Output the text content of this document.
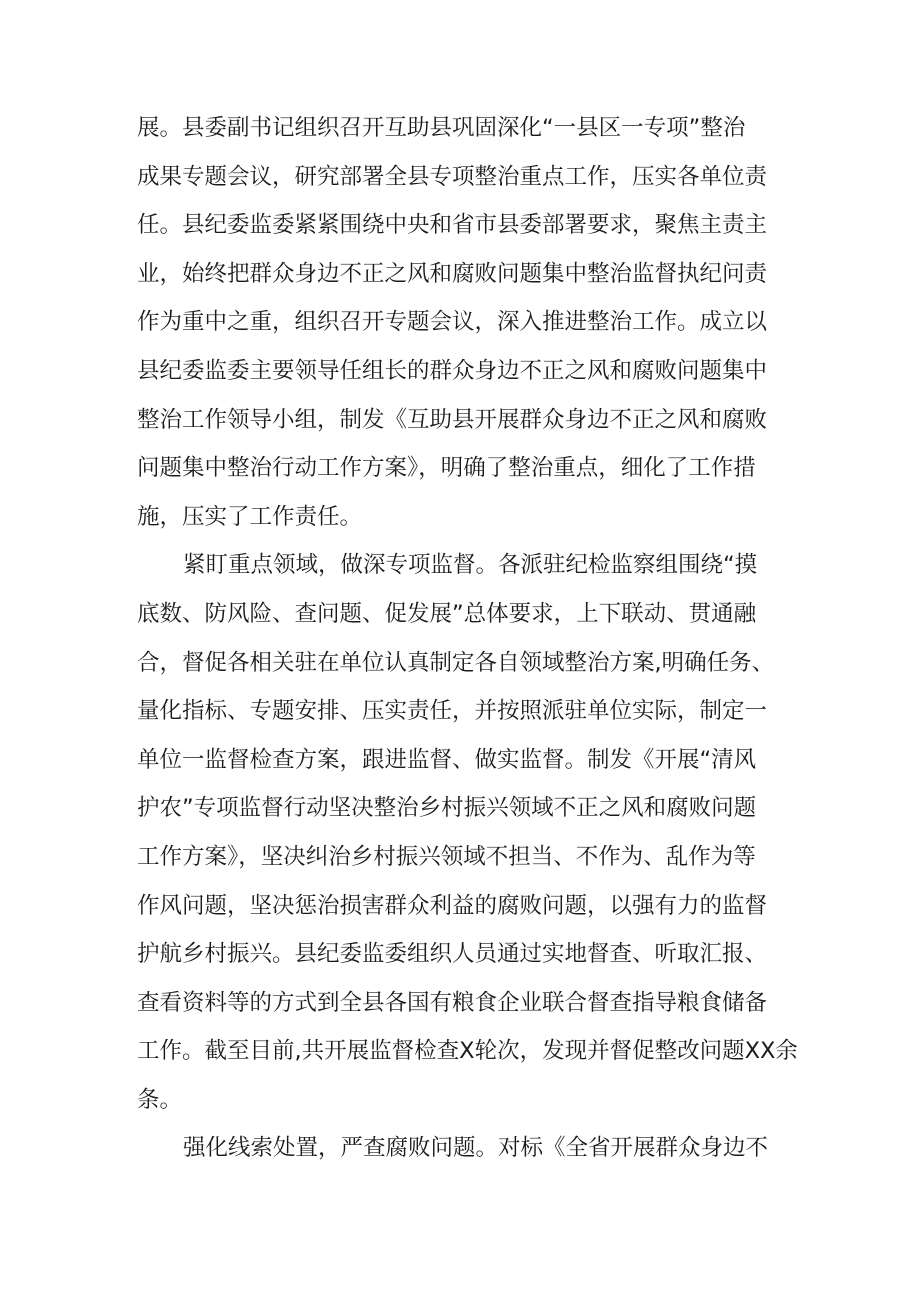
展。县委副书记组织召开互助县巩固深化“一县区一专项”整治
成果专题会议，研究部署全县专项整治重点工作，压实各单位责
任。县纪委监委紧紧围绕中央和省市县委部署要求，聚焦主责主
业，始终把群众身边不正之风和腐败问题集中整治监督执纪问责
作为重中之重，组织召开专题会议，深入推进整治工作。成立以
县纪委监委主要领导任组长的群众身边不正之风和腐败问题集中
整治工作领导小组，制发《互助县开展群众身边不正之风和腐败
问题集中整治行动工作方案》，明确了整治重点，细化了工作措
施，压实了工作责任。
紧盯重点领域，做深专项监督。各派驻纪检监察组围绕“摸
底数、防风险、查问题、促发展”总体要求，上下联动、贯通融
合，督促各相关驻在单位认真制定各自领域整治方案,明确任务、
量化指标、专题安排、压实责任，并按照派驻单位实际，制定一
单位一监督检查方案，跟进监督、做实监督。制发《开展“清风
护农”专项监督行动坚决整治乡村振兴领域不正之风和腐败问题
工作方案》，坚决纠治乡村振兴领域不担当、不作为、乱作为等
作风问题，坚决惩治损害群众利益的腐败问题，以强有力的监督
护航乡村振兴。县纪委监委组织人员通过实地督查、听取汇报、
查看资料等的方式到全县各国有粮食企业联合督查指导粮食储备
工作。截至目前,共开展监督检查X轮次，发现并督促整改问题XX余
条。
强化线索处置，严查腐败问题。对标《全省开展群众身边不
